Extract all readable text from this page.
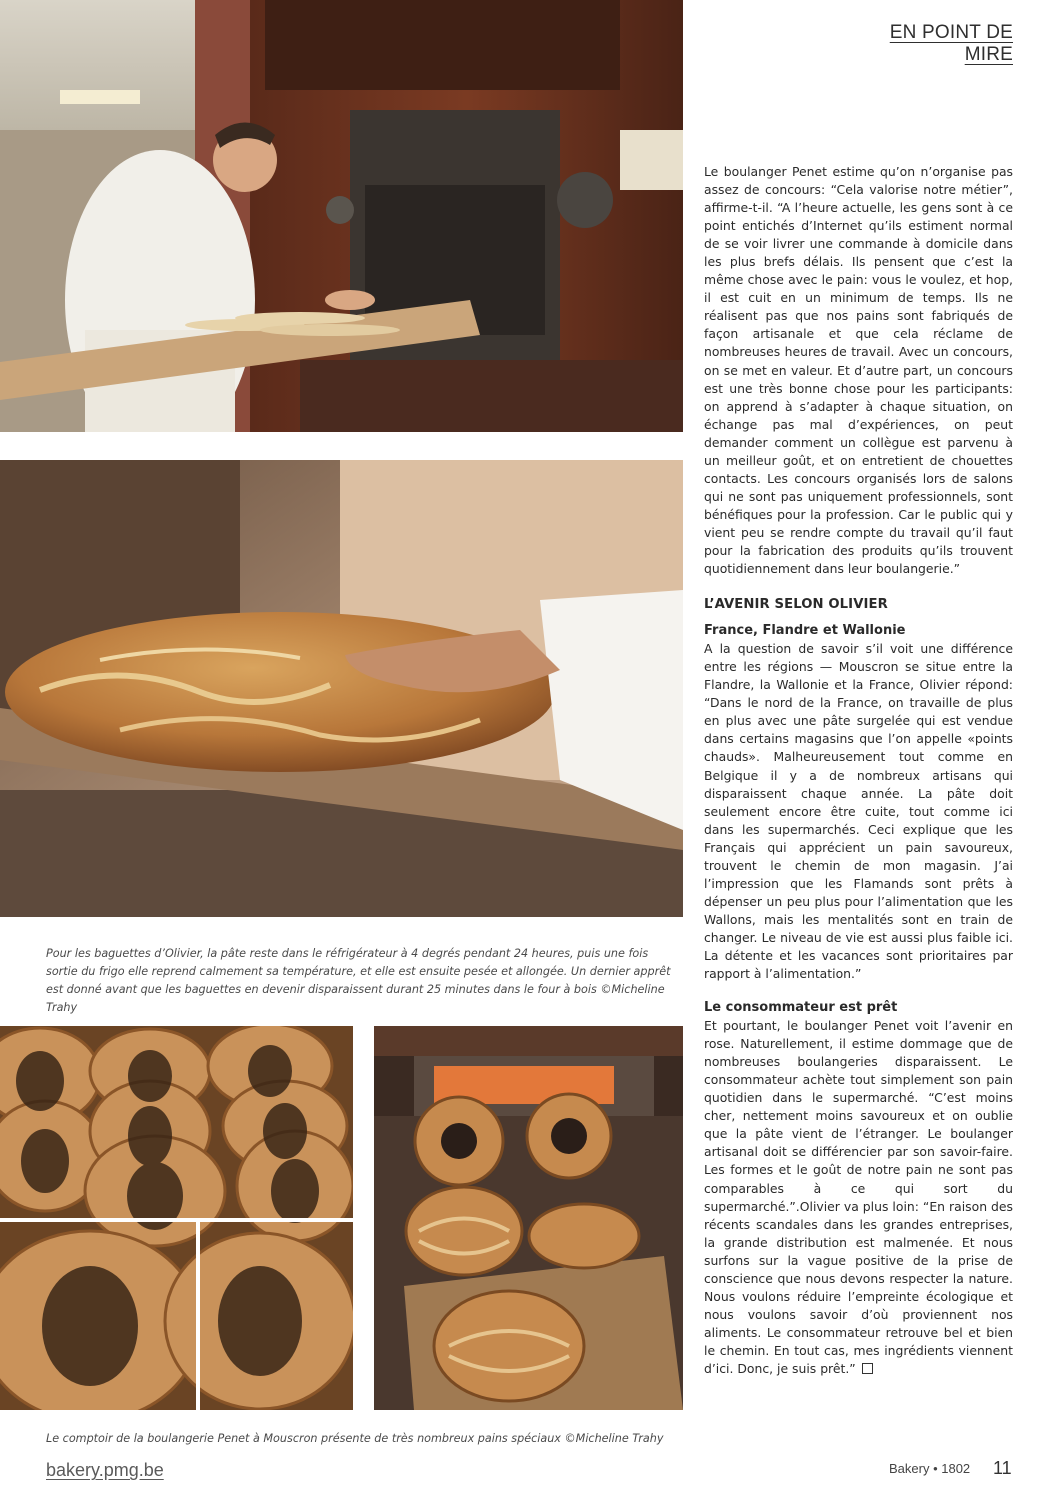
EN POINT DE MIRE
Pour les baguettes d’Olivier, la pâte reste dans le réfrigérateur à 4 degrés pendant 24 heures, puis une fois sortie du frigo elle reprend calmement sa température, et elle est ensuite pesée et allongée. Un dernier apprêt est donné avant que les baguettes en devenir disparaissent durant 25 minutes dans le four à bois ©Micheline Trahy
Le comptoir de la boulangerie Penet à Mouscron présente de très nombreux pains spéciaux ©Micheline Trahy

Le boulanger Penet estime qu’on n’organise pas assez de concours: “Cela valorise notre métier”, affirme-t-il. “A l’heure actuelle, les gens sont à ce point entichés d’Internet qu’ils estiment normal de se voir livrer une commande à domicile dans les plus brefs délais. Ils pensent que c’est la même chose avec le pain: vous le voulez, et hop, il est cuit en un minimum de temps. Ils ne réalisent pas que nos pains sont fabriqués de façon artisanale et que cela réclame de nombreuses heures de travail. Avec un concours, on se met en valeur. Et d’autre part, un concours est une très bonne chose pour les participants: on apprend à s’adapter à chaque situation, on échange pas mal d’expériences, on peut demander comment un collègue est parvenu à un meilleur goût, et on entretient de chouettes contacts. Les concours organisés lors de salons qui ne sont pas uniquement professionnels, sont bénéfiques pour la profession. Car le public qui y vient peu se rendre compte du travail qu’il faut pour la fabrication des produits qu’ils trouvent quotidiennement dans leur boulangerie.”

L’AVENIR SELON OLIVIER
France, Flandre et Wallonie

A la question de savoir s’il voit une différence entre les régions — Mouscron se situe entre la Flandre, la Wallonie et la France, Olivier répond: “Dans le nord de la France, on travaille de plus en plus avec une pâte surgelée qui est vendue dans certains magasins que l’on appelle «points chauds». Malheureusement tout comme en Belgique il y a de nombreux artisans qui disparaissent chaque année. La pâte doit seulement encore être cuite, tout comme ici dans les supermarchés. Ceci explique que les Français qui apprécient un pain savoureux, trouvent le chemin de mon magasin. J’ai l’impression que les Flamands sont prêts à dépenser un peu plus pour l’alimentation que les Wallons, mais les mentalités sont en train de changer. Le niveau de vie est aussi plus faible ici. La détente et les vacances sont prioritaires par rapport à l’alimentation.”

Le consommateur est prêt

Et pourtant, le boulanger Penet voit l’avenir en rose. Naturellement, il estime dommage que de nombreuses boulangeries disparaissent. Le consommateur achète tout simplement son pain quotidien dans le supermarché. “C’est moins cher, nettement moins savoureux et on oublie que la pâte vient de l’étranger. Le boulanger artisanal doit se différencier par son savoir-faire. Les formes et le goût de notre pain ne sont pas comparables à ce qui sort du supermarché.”.Olivier va plus loin: “En raison des récents scandales dans les grandes entreprises, la grande distribution est malmenée. Et nous surfons sur la vague positive de la prise de conscience que nous devons respecter la nature. Nous voulons réduire l’empreinte écologique et nous voulons savoir d’où proviennent nos aliments. Le consommateur retrouve bel et bien le chemin. En tout cas, mes ingrédients viennent d’ici. Donc, je suis prêt.”

bakery.pmg.be	Bakery • 1802 11
